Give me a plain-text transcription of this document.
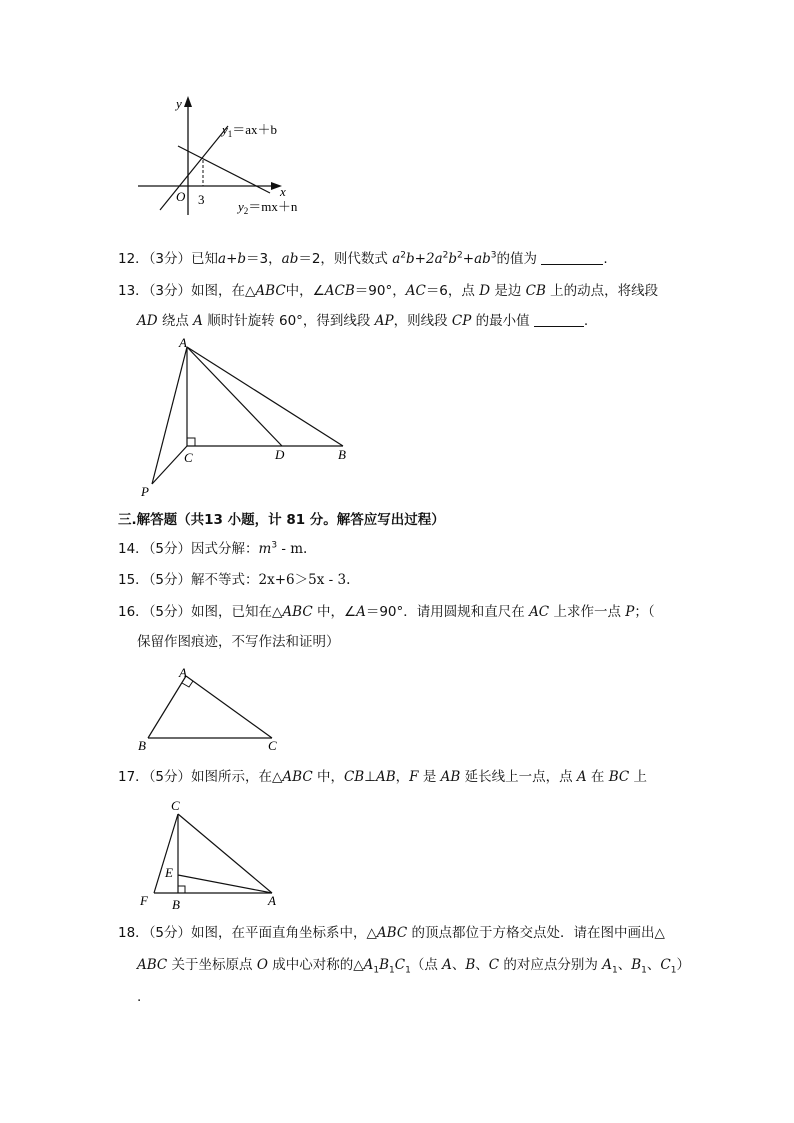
y
x
O 3
$y_1=ax+b$
$y_2=mx+n$
12．（3分）已知a+b＝3，ab＝2，则代数式 $a^2b+2a^2b^2+ab^3$的值为	.
13．（3分）如图，在△ABC中，∠ACB＝90°，AC＝6，点 D 是边 CB 上的动点，将线段
AD 绕点 A 顺时针旋转 60°，得到线段 AP，则线段 CP 的最小值	.
A
C	D	B
P
三.解答题（共13 小题，计 81 分。解答应写出过程）
14．（5分）因式分解：$m^3$ - m.
15．（5分）解不等式：2x+6＞5x - 3.
16．（5分）如图，已知在△ABC 中，∠A＝90°．请用圆规和直尺在 AC 上求作一点 P；（
保留作图痕迹，不写作法和证明）
A
B	C
17．（5分）如图所示，在△ABC 中，CB⊥AB，F 是 AB 延长线上一点，点 A 在 BC 上
C
E
F B	A
18．（5分）如图，在平面直角坐标系中，△ABC 的顶点都位于方格交点处．请在图中画出△
ABC 关于坐标原点 O 成中心对称的$\triangle A_1B_1C_1$（点 A、B、C 的对应点分别为 $A_1$、$B_1$、$C_1$）
.
